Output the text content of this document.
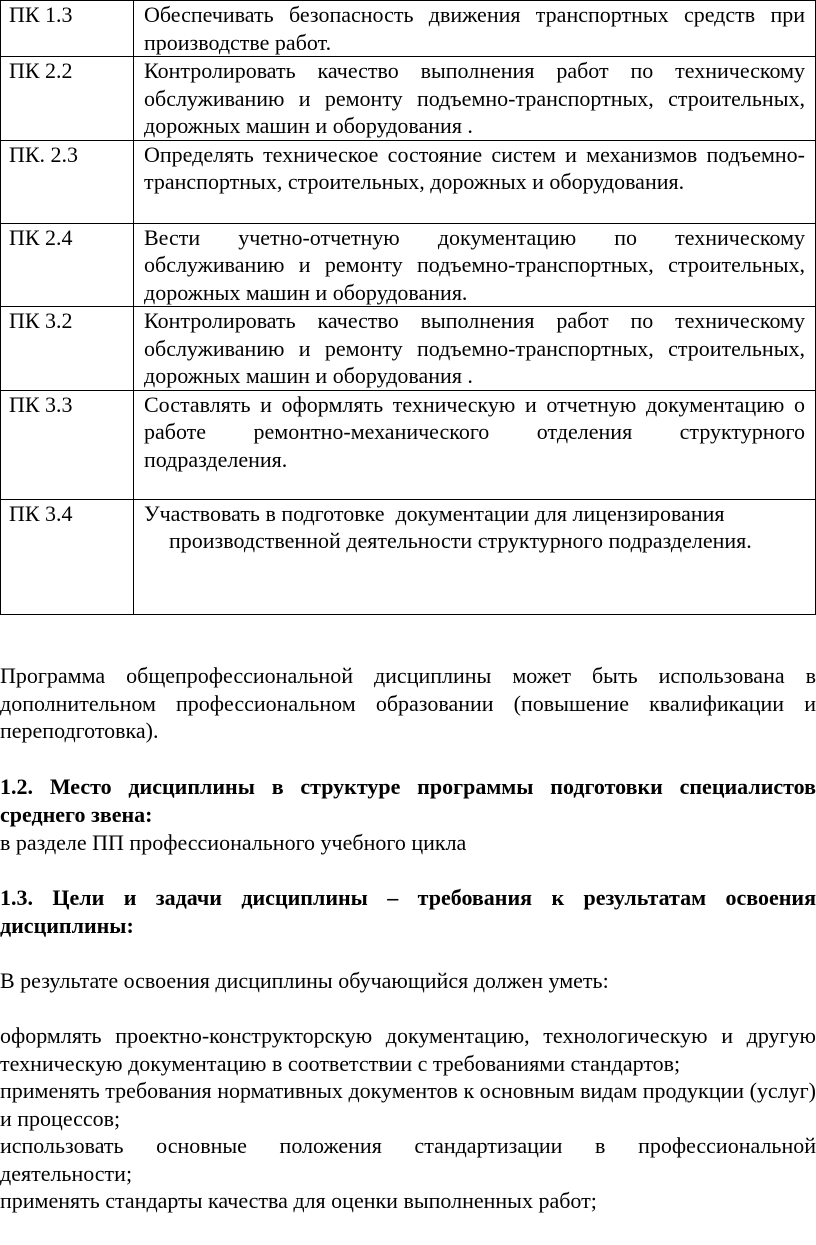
ПК 1.3	Обеспечивать безопасность движения транспортных средств при производстве работ.
ПК 2.2	Контролировать качество выполнения работ по техническому обслуживанию и ремонту подъемно-транспортных, строительных, дорожных машин и оборудования .
ПК. 2.3	Определять техническое состояние систем и механизмов подъемно-транспортных, строительных, дорожных и оборудования.
ПК 2.4	Вести учетно-отчетную документацию по техническому обслуживанию и ремонту подъемно-транспортных, строительных, дорожных машин и оборудования.
ПК 3.2	Контролировать качество выполнения работ по техническому обслуживанию и ремонту подъемно-транспортных, строительных, дорожных машин и оборудования .
ПК 3.3	Составлять и оформлять техническую и отчетную документацию о работе ремонтно-механического отделения структурного подразделения.
ПК 3.4	Участвовать в подготовке  документации для лицензирования
производственной деятельности структурного подразделения.

Программа общепрофессиональной дисциплины может быть использована в дополнительном профессиональном образовании (повышение квалификации и переподготовка).

1.2. Место дисциплины в структуре программы подготовки специалистов среднего звена:

в разделе ПП профессионального учебного цикла

1.3. Цели и задачи дисциплины – требования к результатам освоения дисциплины:

В результате освоения дисциплины обучающийся должен уметь:

оформлять проектно-конструкторскую документацию, технологическую и другую техническую документацию в соответствии с требованиями стандартов;

применять требования нормативных документов к основным видам продукции (услуг) и процессов;

использовать основные положения стандартизации в профессиональной деятельности;

применять стандарты качества для оценки выполненных работ;
